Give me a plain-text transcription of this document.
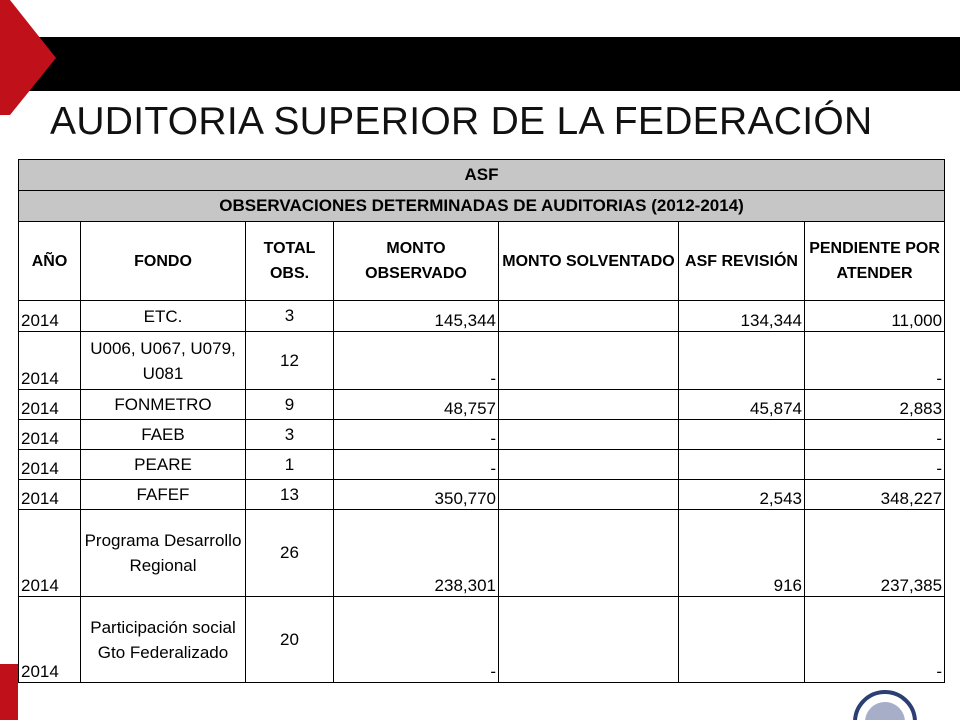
AUDITORIA SUPERIOR DE LA FEDERACIÓN
ASF						
OBSERVACIONES DETERMINADAS DE AUDITORIAS (2012-2014)						
AÑO	FONDO	TOTAL OBS.	MONTO OBSERVADO	MONTO SOLVENTADO	ASF REVISIÓN	PENDIENTE POR ATENDER
2014	ETC.	3	145,344		134,344	11,000
2014	U006, U067, U079, U081	12	-			-
2014	FONMETRO	9	48,757		45,874	2,883
2014	FAEB	3	-			-
2014	PEARE	1	-			-
2014	FAFEF	13	350,770		2,543	348,227
2014	Programa Desarrollo Regional	26	238,301		916	237,385
2014	Participación social Gto Federalizado	20	-			-
